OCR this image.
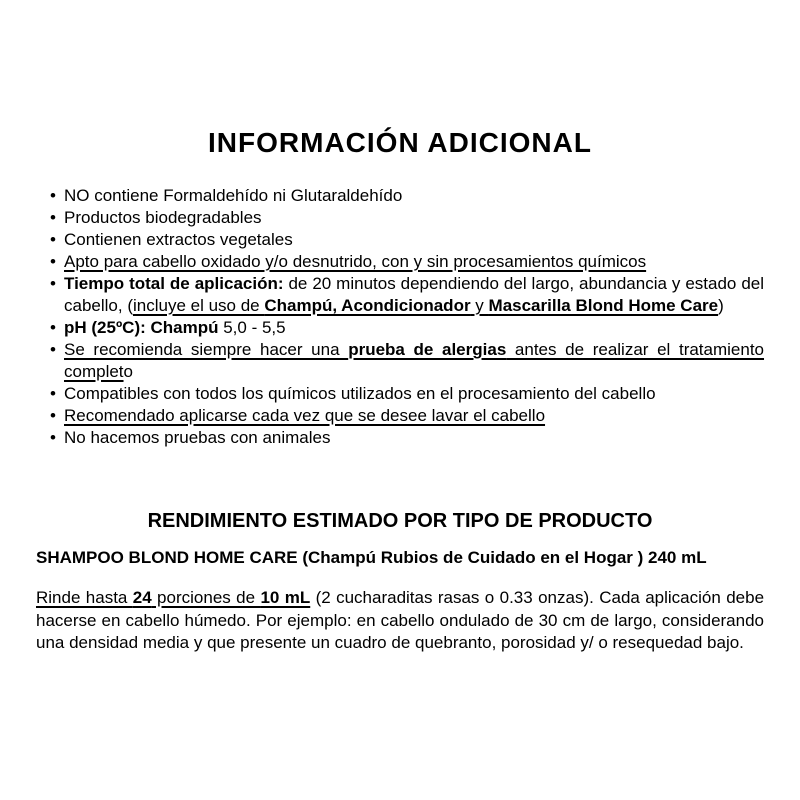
INFORMACIÓN ADICIONAL
• NO contiene Formaldehído ni Glutaraldehído
• Productos biodegradables
• Contienen extractos vegetales
• Apto para cabello oxidado y/o desnutrido, con y sin procesamientos químicos
• Tiempo total de aplicación: de 20 minutos dependiendo del largo, abundancia y estado del cabello, (incluye el uso de Champú, Acondicionador y Mascarilla Blond Home Care)
• pH (25ºC): Champú 5,0 - 5,5
• Se recomienda siempre hacer una prueba de alergias antes de realizar el tratamiento completo
• Compatibles con todos los químicos utilizados en el procesamiento del cabello
• Recomendado aplicarse cada vez que se desee lavar el cabello
• No hacemos pruebas con animales
RENDIMIENTO ESTIMADO POR TIPO DE PRODUCTO
SHAMPOO BLOND HOME CARE (Champú Rubios de Cuidado en el Hogar ) 240 mL

Rinde hasta 24 porciones de 10 mL (2 cucharaditas rasas o 0.33 onzas). Cada aplicación debe hacerse en cabello húmedo. Por ejemplo: en cabello ondulado de 30 cm de largo, considerando una densidad media y que presente un cuadro de quebranto, porosidad y/ o resequedad bajo.
